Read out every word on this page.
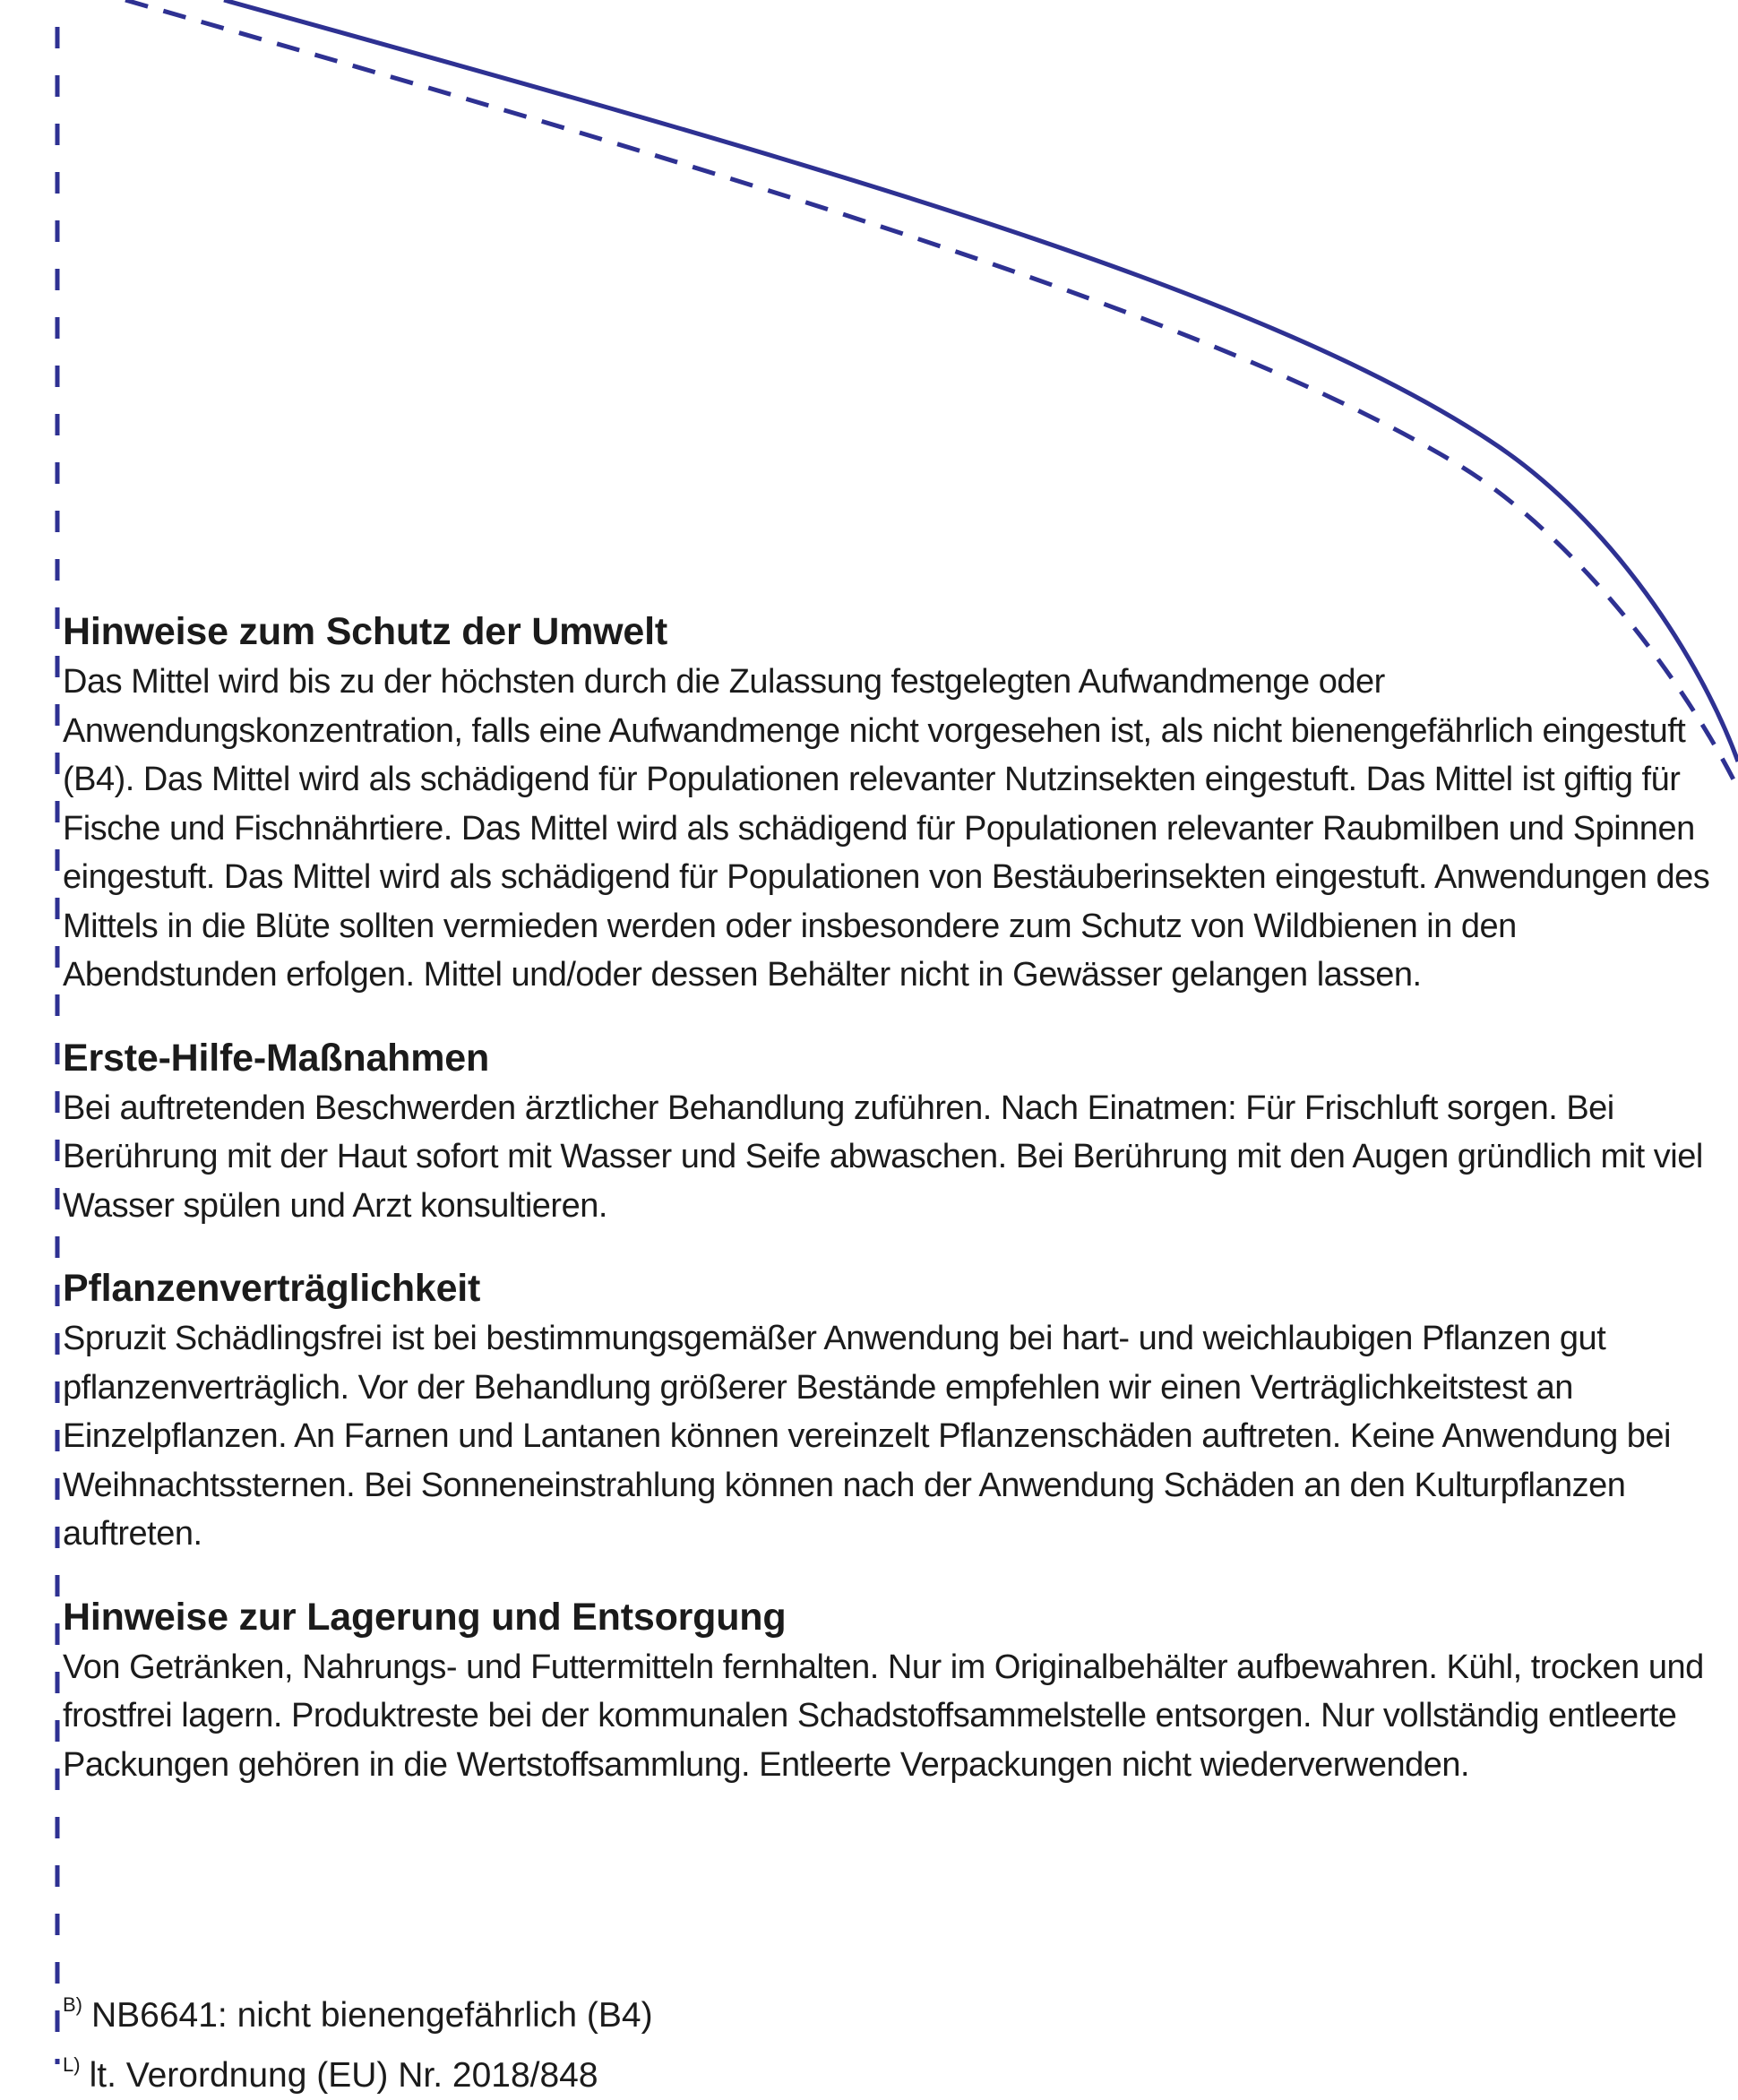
Hinweise zum Schutz der Umwelt

Das Mittel wird bis zu der höchsten durch die Zulassung festgelegten Aufwandmenge oder Anwendungskonzentration, falls eine Aufwandmenge nicht vorgesehen ist, als nicht bienengefährlich eingestuft (B4). Das Mittel wird als schädigend für Populationen relevanter Nutzinsekten eingestuft. Das Mittel ist giftig für Fische und Fischnährtiere. Das Mittel wird als schädigend für Populationen relevanter Raubmilben und Spinnen eingestuft. Das Mittel wird als schädigend für Populationen von Bestäuberinsekten eingestuft. Anwendungen des Mittels in die Blüte sollten vermieden werden oder insbesondere zum Schutz von Wildbienen in den Abendstunden erfolgen. Mittel und/oder dessen Behälter nicht in Gewässer gelangen lassen.

Erste-Hilfe-Maßnahmen

Bei auftretenden Beschwerden ärztlicher Behandlung zuführen. Nach Einatmen: Für Frischluft sorgen. Bei Berührung mit der Haut sofort mit Wasser und Seife abwaschen. Bei Berührung mit den Augen gründlich mit viel Wasser spülen und Arzt konsultieren.

Pflanzenverträglichkeit

Spruzit Schädlingsfrei ist bei bestimmungsgemäßer Anwendung bei hart- und weichlaubigen Pflanzen gut pflanzenverträglich. Vor der Behandlung größerer Bestände empfehlen wir einen Verträglichkeitstest an Einzelpflanzen. An Farnen und Lantanen können vereinzelt Pflanzenschäden auftreten. Keine Anwendung bei Weihnachtssternen. Bei Sonneneinstrahlung können nach der Anwendung Schäden an den Kulturpflanzen auftreten.

Hinweise zur Lagerung und Entsorgung

Von Getränken, Nahrungs- und Futtermitteln fernhalten. Nur im Originalbehälter aufbewahren. Kühl, trocken und frostfrei lagern. Produktreste bei der kommunalen Schadstoffsammelstelle entsorgen. Nur vollständig entleerte Packungen gehören in die Wertstoffsammlung. Entleerte Verpackungen nicht wiederverwenden.

$^{B)}$ NB6641: nicht bienengefährlich (B4)
$^{L)}$ lt. Verordnung (EU) Nr. 2018/848
